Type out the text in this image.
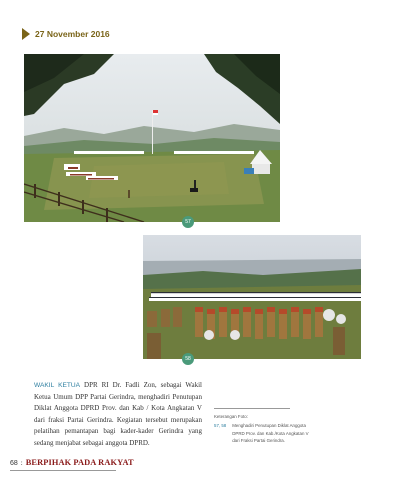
27 November 2016
57
58
WAKIL KETUA DPR RI Dr. Fadli Zon, sebagai Wakil Ketua Umum DPP Partai Gerindra, menghadiri Penutupan Diklat Anggota DPRD Prov. dan Kab / Kota Angkatan V dari fraksi Partai Gerindra. Kegiatan tersebut merupakan pelatihan pemantapan bagi kader-kader Gerindra yang sedang menjabat sebagai anggota DPRD.
Keterangan Foto:
57, 58 Menghadiri Penutupan Diklat Anggota
DPRD Prov. dan Kab./Kota Angkatan V
dari Fraksi Partai Gerindra.
68 : BERPIHAK PADA RAKYAT
